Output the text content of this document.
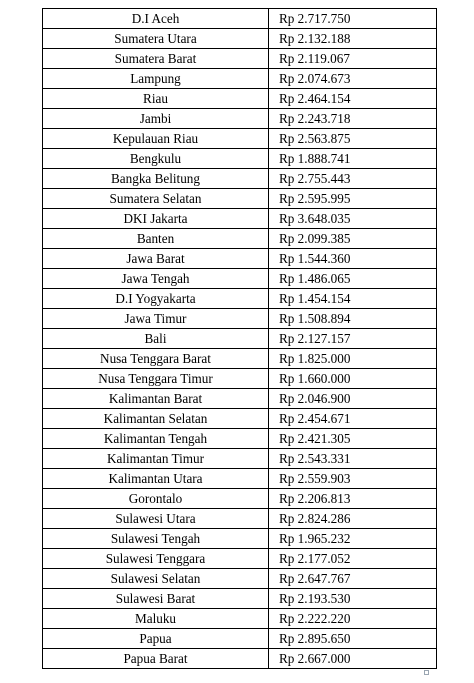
D.I Aceh	Rp 2.717.750
Sumatera Utara	Rp 2.132.188
Sumatera Barat	Rp 2.119.067
Lampung	Rp 2.074.673
Riau	Rp 2.464.154
Jambi	Rp 2.243.718
Kepulauan Riau	Rp 2.563.875
Bengkulu	Rp 1.888.741
Bangka Belitung	Rp 2.755.443
Sumatera Selatan	Rp 2.595.995
DKI Jakarta	Rp 3.648.035
Banten	Rp 2.099.385
Jawa Barat	Rp 1.544.360
Jawa Tengah	Rp 1.486.065
D.I Yogyakarta	Rp 1.454.154
Jawa Timur	Rp 1.508.894
Bali	Rp 2.127.157
Nusa Tenggara Barat	Rp 1.825.000
Nusa Tenggara Timur	Rp 1.660.000
Kalimantan Barat	Rp 2.046.900
Kalimantan Selatan	Rp 2.454.671
Kalimantan Tengah	Rp 2.421.305
Kalimantan Timur	Rp 2.543.331
Kalimantan Utara	Rp 2.559.903
Gorontalo	Rp 2.206.813
Sulawesi Utara	Rp 2.824.286
Sulawesi Tengah	Rp 1.965.232
Sulawesi Tenggara	Rp 2.177.052
Sulawesi Selatan	Rp 2.647.767
Sulawesi Barat	Rp 2.193.530
Maluku	Rp 2.222.220
Papua	Rp 2.895.650
Papua Barat	Rp 2.667.000
